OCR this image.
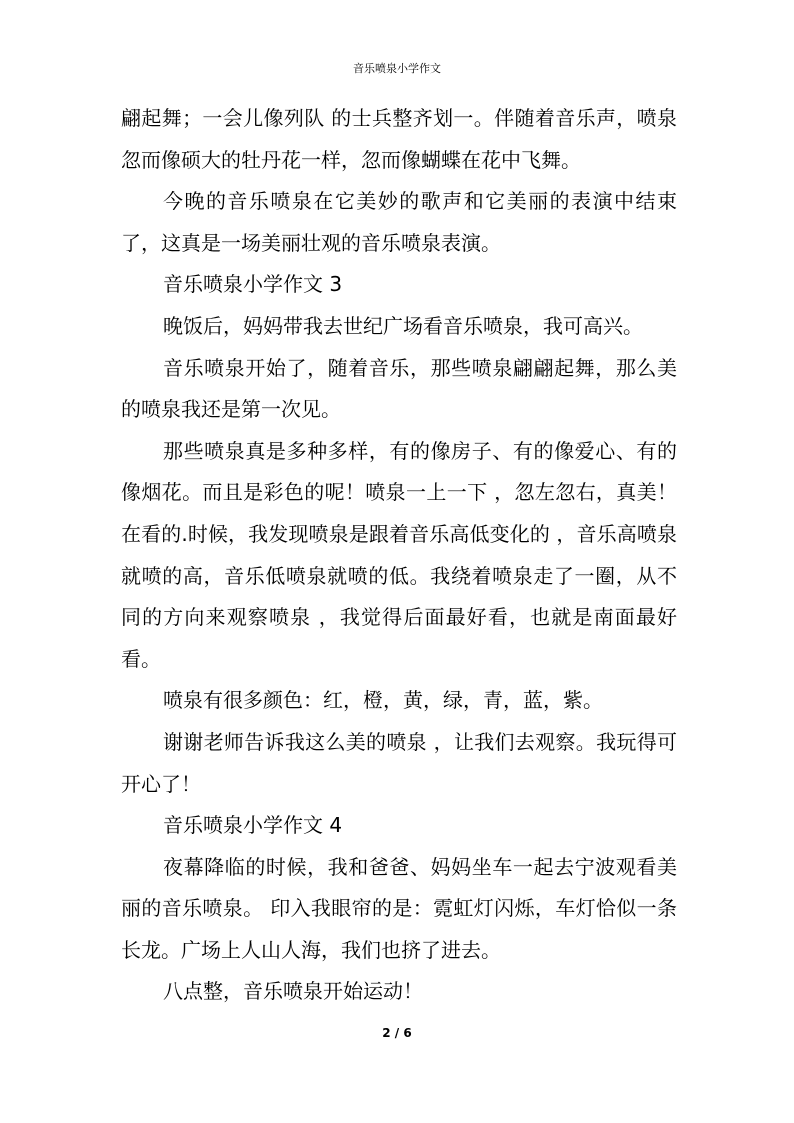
音乐喷泉小学作文

翩起舞；一会儿像列队 的士兵整齐划一。伴随着音乐声，喷泉忽而像硕大的牡丹花一样，忽而像蝴蝶在花中飞舞。

今晚的音乐喷泉在它美妙的歌声和它美丽的表演中结束了，这真是一场美丽壮观的音乐喷泉表演。

音乐喷泉小学作文 3

晚饭后，妈妈带我去世纪广场看音乐喷泉，我可高兴。

音乐喷泉开始了，随着音乐，那些喷泉翩翩起舞，那么美的喷泉我还是第一次见。

那些喷泉真是多种多样，有的像房子、有的像爱心、有的像烟花。而且是彩色的呢！喷泉一上一下 ，忽左忽右，真美！在看的.时候，我发现喷泉是跟着音乐高低变化的 ，音乐高喷泉就喷的高，音乐低喷泉就喷的低。我绕着喷泉走了一圈，从不同的方向来观察喷泉 ，我觉得后面最好看，也就是南面最好看。

喷泉有很多颜色：红，橙，黄，绿，青，蓝，紫。

谢谢老师告诉我这么美的喷泉 ，让我们去观察。我玩得可开心了！

音乐喷泉小学作文 4

夜幕降临的时候，我和爸爸、妈妈坐车一起去宁波观看美丽的音乐喷泉。 印入我眼帘的是：霓虹灯闪烁，车灯恰似一条长龙。广场上人山人海，我们也挤了进去。

八点整，音乐喷泉开始运动！

2 / 6
